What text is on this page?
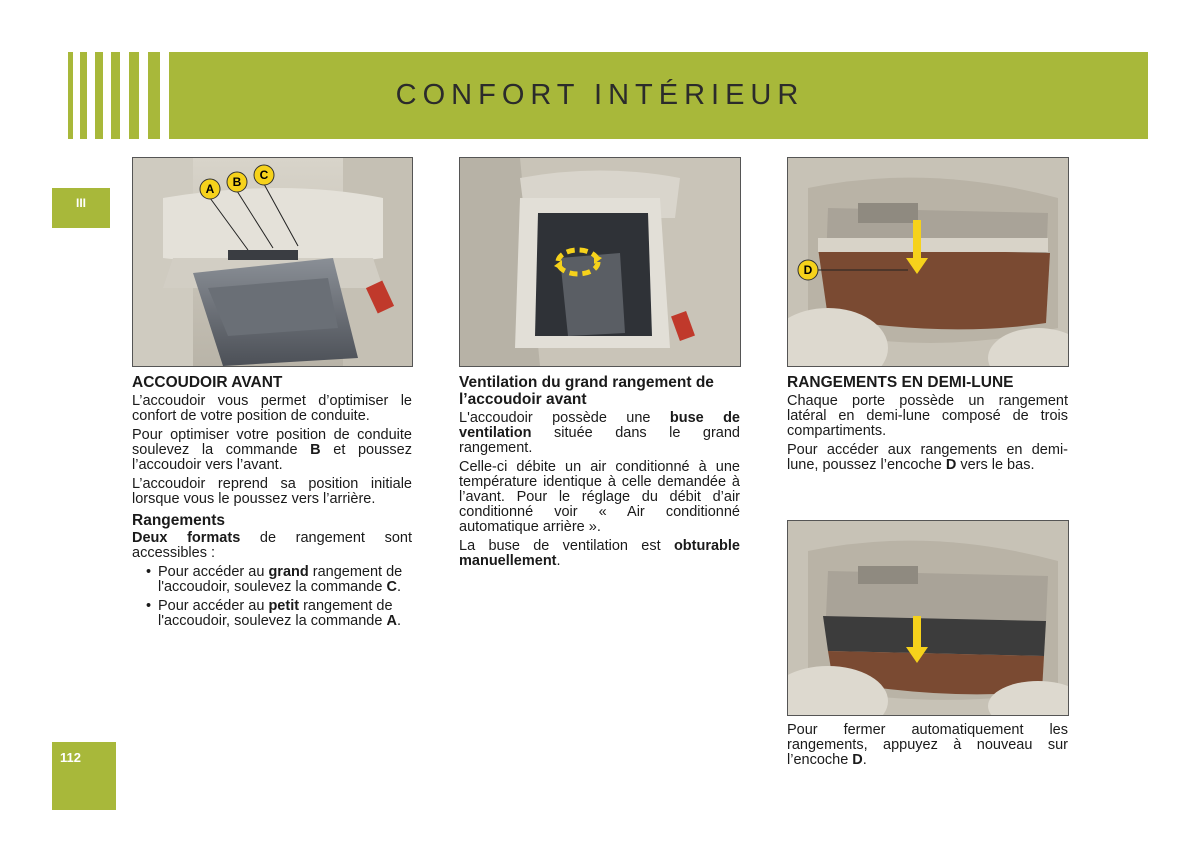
CONFORT INTÉRIEUR
III
112
A B C
D
ACCOUDOIR AVANT

L’accoudoir vous permet d’optimiser le confort de votre position de conduite.

Pour optimiser votre position de conduite soulevez la commande B et poussez l’accoudoir vers l’avant.

L’accoudoir reprend sa position initiale lorsque vous le poussez vers l’arrière.

Rangements

Deux formats de rangement sont accessibles :

• Pour accéder au grand rangement de l'accoudoir, soulevez la commande C.
• Pour accéder au petit rangement de l'accoudoir, soulevez la commande A.
Ventilation du grand rangement de l’accoudoir avant

L'accoudoir possède une buse de ventilation située dans le grand rangement.

Celle-ci débite un air conditionné à une température identique à celle demandée à l’avant. Pour le réglage du débit d’air conditionné voir « Air conditionné automatique arrière ».

La buse de ventilation est obturable manuellement.

RANGEMENTS EN DEMI-LUNE

Chaque porte possède un rangement latéral en demi-lune composé de trois compartiments.

Pour accéder aux rangements en demi-lune, poussez l’encoche D vers le bas.

Pour fermer automatiquement les rangements, appuyez à nouveau sur l’encoche D.
